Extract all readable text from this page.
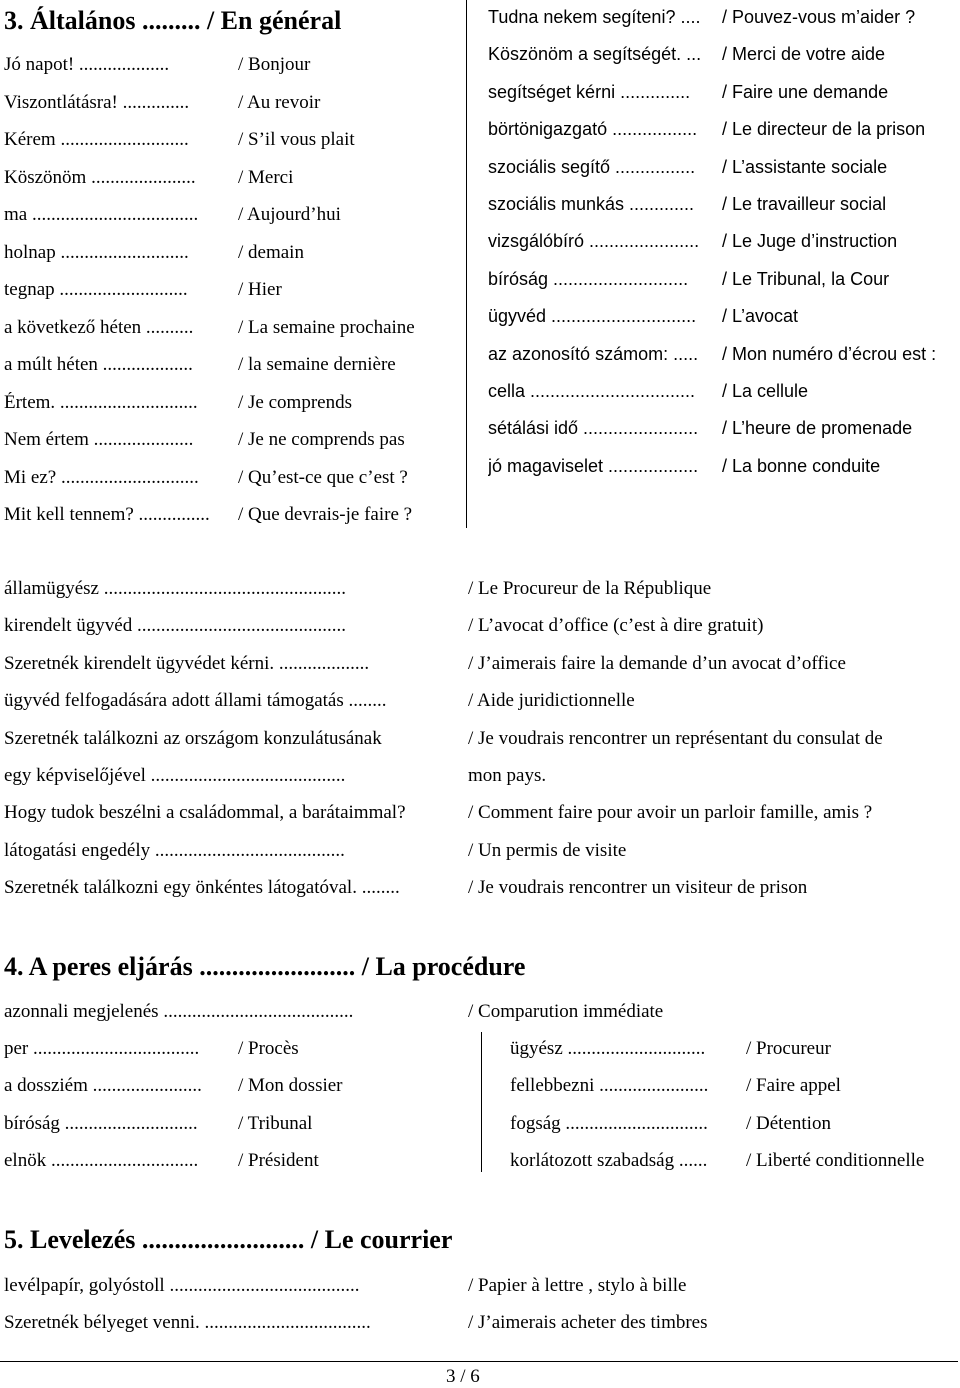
3. Általános ......... / En général
Jó napot! ...................	/ Bonjour
Viszontlátásra! ..............	/ Au revoir
Kérem ...........................	/ S’il vous plait
Köszönöm ......................	/ Merci
ma ...................................	/ Aujourd’hui
holnap ...........................	/ demain
tegnap ...........................	/ Hier
a következő héten ..........	/ La semaine prochaine
a múlt héten ...................	/ la semaine dernière
Értem. .............................	/ Je comprends
Nem értem .....................	/ Je ne comprends pas
Mi ez? .............................	/ Qu’est-ce que c’est ?
Mit kell tennem? ...............	/ Que devrais-je faire ?
Tudna nekem segíteni? ....	/ Pouvez-vous m’aider ?
Köszönöm a segítségét. ...	/ Merci de votre aide
segítséget kérni ..............	/ Faire une demande
börtönigazgató .................	/ Le directeur de la prison
szociális segítő ................	/ L’assistante sociale
szociális munkás .............	/ Le travailleur social
vizsgálóbíró ......................	/ Le Juge d’instruction
bíróság ...........................	/ Le Tribunal, la Cour
ügyvéd .............................	/ L’avocat
az azonosító számom: .....	/ Mon numéro d’écrou est :
cella .................................	/ La cellule
sétálási idő .......................	/ L’heure de promenade
jó magaviselet ..................	/ La bonne conduite
államügyész ...................................................	/ Le Procureur de la République
kirendelt ügyvéd ............................................	/ L’avocat d’office (c’est à dire gratuit)
Szeretnék kirendelt ügyvédet kérni. ...................	/ J’aimerais faire la demande d’un avocat d’office
ügyvéd felfogadására adott állami támogatás ........	/ Aide juridictionnelle
Szeretnék találkozni az országom konzulátusának	/ Je voudrais rencontrer un représentant du consulat de
egy képviselőjével .........................................	mon pays.
Hogy tudok beszélni a családommal, a barátaimmal?	/ Comment faire pour avoir un parloir famille, amis ?
látogatási engedély ........................................	/ Un permis de visite
Szeretnék találkozni egy önkéntes látogatóval. ........	/ Je voudrais rencontrer un visiteur de prison
4. A peres eljárás ........................ / La procédure
azonnali megjelenés ........................................	/ Comparution immédiate
per ...................................	/ Procès
a dossziém .......................	/ Mon dossier
bíróság ............................	/ Tribunal
elnök ...............................	/ Président
ügyész .............................	/ Procureur
fellebbezni .......................	/ Faire appel
fogság ..............................	/ Détention
korlátozott szabadság ......	/ Liberté conditionnelle
5. Levelezés ......................... / Le courrier
levélpapír, golyóstoll ........................................	/ Papier à lettre , stylo à bille
Szeretnék bélyeget venni. ...................................	/ J’aimerais acheter des timbres
3 / 6
